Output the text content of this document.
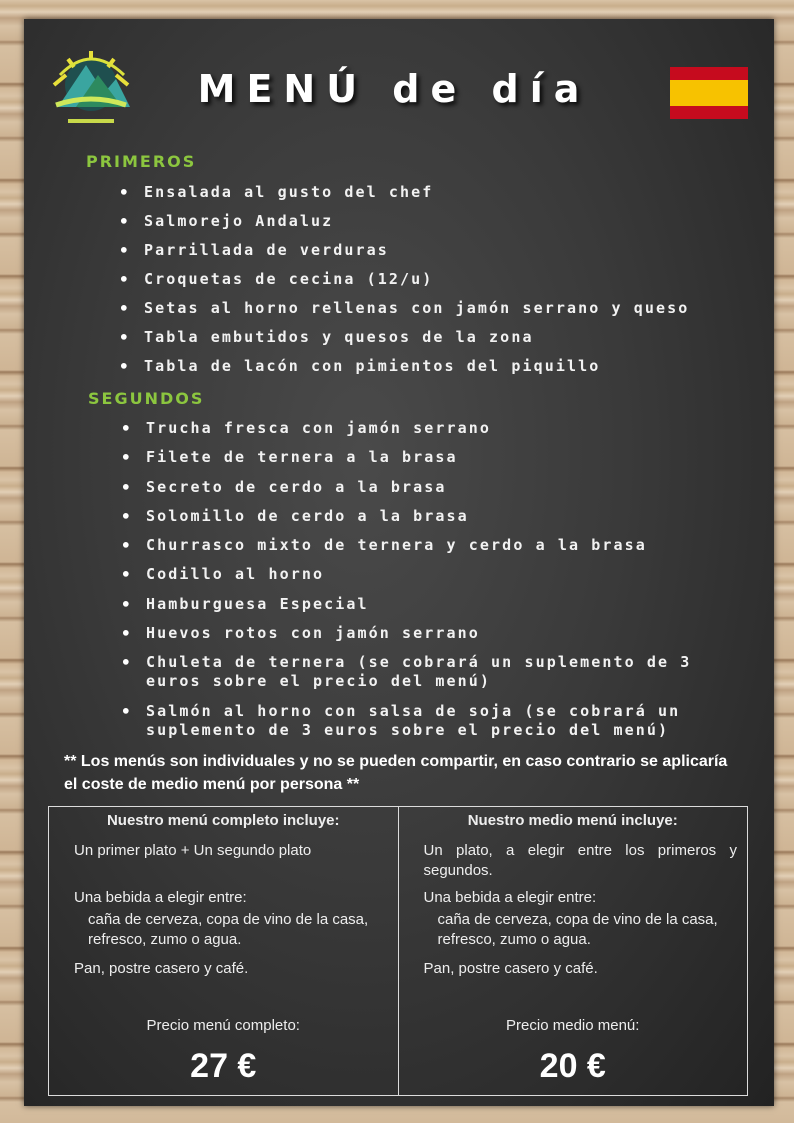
MENÚ de día
PRIMEROS
• Ensalada al gusto del chef
• Salmorejo Andaluz
• Parrillada de verduras
• Croquetas de cecina (12/u)
• Setas al horno rellenas con jamón serrano y queso
• Tabla embutidos y quesos de la zona
• Tabla de lacón con pimientos del piquillo
SEGUNDOS
• Trucha fresca con jamón serrano
• Filete de ternera a la brasa
• Secreto de cerdo a la brasa
• Solomillo de cerdo a la brasa
• Churrasco mixto de ternera y cerdo a la brasa
• Codillo al horno
• Hamburguesa Especial
• Huevos rotos con jamón serrano
• Chuleta de ternera (se cobrará un suplemento de 3 euros sobre el precio del menú)
• Salmón al horno con salsa de soja (se cobrará un suplemento de 3 euros sobre el precio del menú)
** Los menús son individuales y no se pueden compartir, en caso contrario se aplicaría el coste de medio menú por persona **
Nuestro menú completo incluye:
Un primer plato + Un segundo plato
Una bebida a elegir entre:
caña de cerveza, copa de vino de la casa, refresco, zumo o agua.
Pan, postre casero y café.
Precio menú completo:
27 €
Nuestro medio menú incluye:
Un plato, a elegir entre los primeros y segundos.
Una bebida a elegir entre:
caña de cerveza, copa de vino de la casa, refresco, zumo o agua.
Pan, postre casero y café.
Precio medio menú:
20 €
